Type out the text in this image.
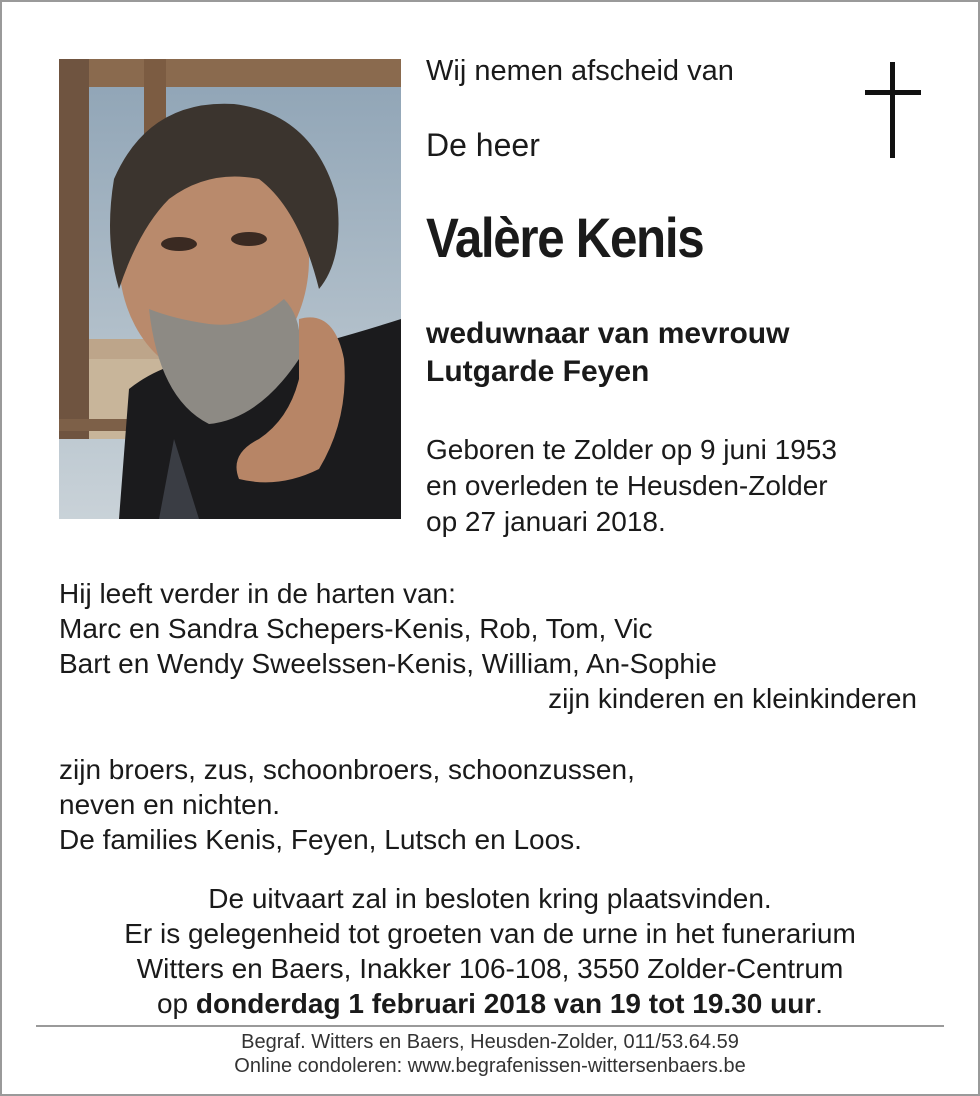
Wij nemen afscheid van
De heer
Valère Kenis
weduwnaar van mevrouw
Lutgarde Feyen
Geboren te Zolder op 9 juni 1953
en overleden te Heusden-Zolder
op 27 januari 2018.
Hij leeft verder in de harten van:
Marc en Sandra Schepers-Kenis, Rob, Tom, Vic
Bart en Wendy Sweelssen-Kenis, William, An-Sophie
zijn kinderen en kleinkinderen
zijn broers, zus, schoonbroers, schoonzussen,
neven en nichten.
De families Kenis, Feyen, Lutsch en Loos.
De uitvaart zal in besloten kring plaatsvinden.
Er is gelegenheid tot groeten van de urne in het funerarium
Witters en Baers, Inakker 106-108, 3550 Zolder-Centrum
op donderdag 1 februari 2018 van 19 tot 19.30 uur.
Begraf. Witters en Baers, Heusden-Zolder, 011/53.64.59
Online condoleren: www.begrafenissen-wittersenbaers.be
